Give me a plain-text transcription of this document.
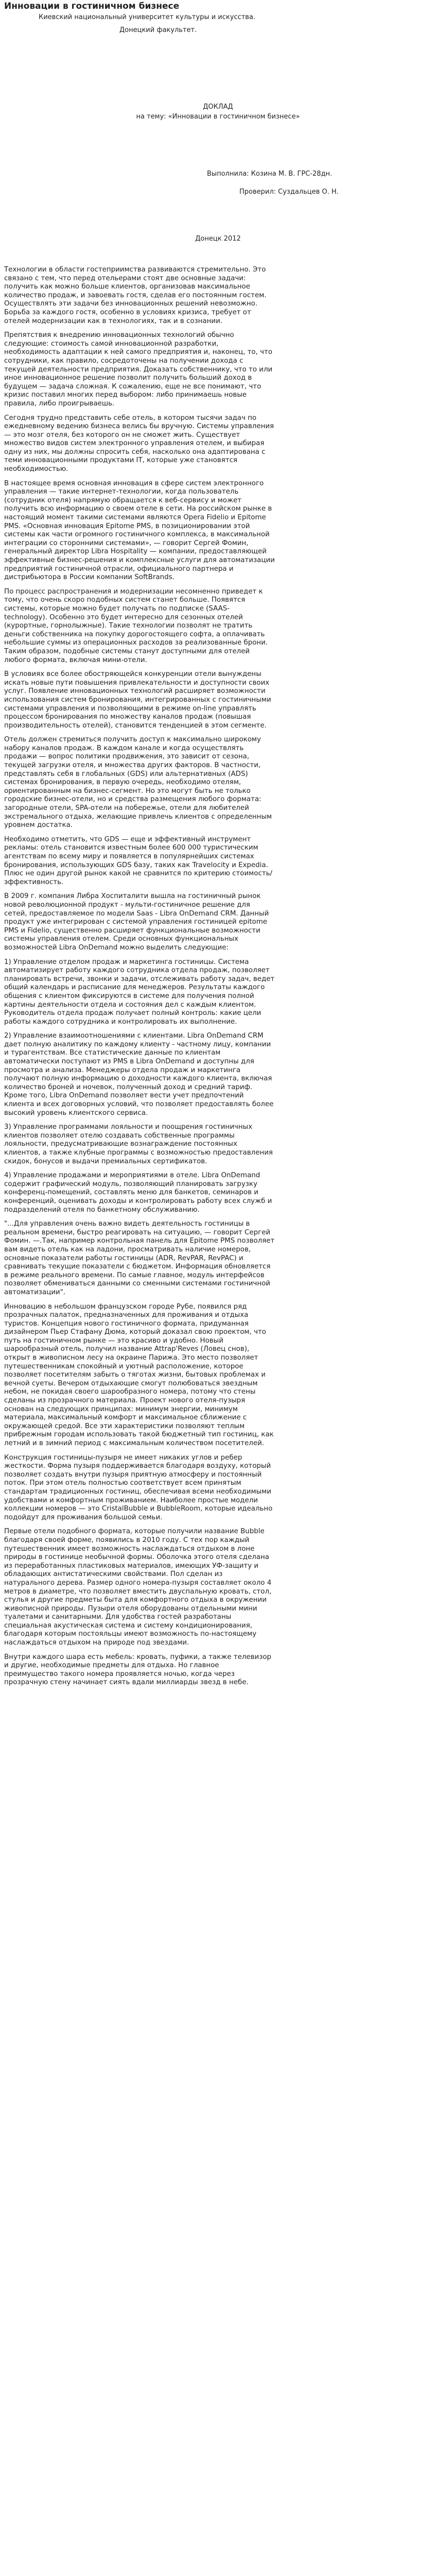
Инновации в гостиничном бизнесе
Киевский национальный университет культуры и искусства.
Донецкий факультет.
ДОКЛАД
на тему: «Инновации в гостиничном бизнесе»
Выполнила: Козина М. В. ГРС-28дн.
Проверил: Суздальцев О. Н.
Донецк 2012

Технологии в области гостеприимства развиваются стремительно. Это связано с тем, что перед отельерами стоят две основные задачи: получить как можно больше клиентов, организовав максимальное количество продаж, и завоевать гостя, сделав его постоянным гостем. Осуществлять эти задачи без инновационных решений невозможно. Борьба за каждого гостя, особенно в условиях кризиса, требует от отелей модернизации как в технологиях, так и в сознании.

Препятствия к внедрению инновационных технологий обычно следующие: стоимость самой инновационной разработки, необходимость адаптации к ней самого предприятия и, наконец, то, что сотрудники, как правило, сосредоточены на получении дохода с текущей деятельности предприятия. Доказать собственнику, что то или иное инновационное решение позволит получить больший доход в будущем — задача сложная. К сожалению, еще не все понимают, что кризис поставил многих перед выбором: либо принимаешь новые правила, либо проигрываешь.

Сегодня трудно представить себе отель, в котором тысячи задач по ежедневному ведению бизнеса велись бы вручную. Системы управления — это мозг отеля, без которого он не сможет жить. Существует множество видов систем электронного управления отелем, и выбирая одну из них, мы должны спросить себя, насколько она адаптирована с теми инновационными продуктами IT, которые уже становятся необходимостью.

В настоящее время основная инновация в сфере систем электронного управления — такие интернет-технологии, когда пользователь (сотрудник отеля) напрямую обращается к веб-сервису и может получить всю информацию о своем отеле в сети. На российском рынке в настоящий момент такими системами являются Opera Fidelio и Epitome PMS. «Основная инновация Epitome PMS, в позиционировании этой системы как части огромного гостиничного комплекса, в максимальной интеграции со сторонними системами», — говорит Сергей Фомин, генеральный директор Libra Hospitality — компании, предоставляющей эффективные бизнес-решения и комплексные услуги для автоматизации предприятий гостиничной отрасли, официального партнера и дистрибьютора в России компании SoftBrands.

По процесс распространения и модернизации несомненно приведет к тому, что очень скоро подобных систем станет больше. Появятся системы, которые можно будет получать по подписке (SAAS- technology). Особенно это будет интересно для сезонных отелей (курортные, горнолыжные). Такие технологии позволят не тратить деньги собственника на покупку дорогостоящего софта, а оплачивать небольшие суммы из операционных расходов за реализованные брони. Таким образом, подобные системы станут доступными для отелей любого формата, включая мини-отели.

В условиях все более обостряющейся конкуренции отели вынуждены искать новые пути повышения привлекательности и доступности своих услуг. Появление инновационных технологий расширяет возможности использования систем бронирования, интегрированных с гостиничными системами управления и позволяющими в режиме on-line управлять процессом бронирования по множеству каналов продаж (повышая производительность отелей), становится тенденцией в этом сегменте.

Отель должен стремиться получить доступ к максимально широкому набору каналов продаж. В каждом канале и когда осуществлять продажи — вопрос политики продвижения, это зависит от сезона, текущей загрузки отеля, и множества других факторов. В частности, представлять себя в глобальных (GDS) или альтернативных (ADS) системах бронирования, в первую очередь, необходимо отелям, ориентированным на бизнес-сегмент. Но это могут быть не только городские бизнес-отели, но и средства размещения любого формата: загородные отели, SPA-отели на побережье, отели для любителей экстремального отдыха, желающие привлечь клиентов с определенным уровнем достатка.

Необходимо отметить, что GDS — еще и эффективный инструмент рекламы: отель становится известным более 600 000 туристическим агентствам по всему миру и появляется в популярнейших системах бронирования, использующих GDS базу, таких как Travelocity и Expedia. Плюс не один другой рынок какой не сравнится по критерию стоимость/эффективность.

В 2009 г. компания Либра Хоспиталити вышла на гостиничный рынок новой революционной продукт - мульти-гостиничное решение для сетей, предоставляемое по модели Saas - Libra OnDemand CRM. Данный продукт уже интегрирован с системой управления гостиницей epitome PMS и Fidelio, существенно расширяет функциональные возможности системы управления отелем. Среди основных функциональных возможностей Libra OnDemand можно выделить следующие:

1) Управление отделом продаж и маркетинга гостиницы. Система автоматизирует работу каждого сотрудника отдела продаж, позволяет планировать встречи, звонки и задачи, отслеживать работу задач, ведет общий календарь и расписание для менеджеров. Результаты каждого общения с клиентом фиксируются в системе для получения полной картины деятельности отдела и состояния дел с каждым клиентом. Руководитель отдела продаж получает полный контроль: какие цели работы каждого сотрудника и контролировать их выполнение.

2) Управление взаимоотношениями с клиентами. Libra OnDemand CRM дает полную аналитику по каждому клиенту - частному лицу, компании и турагентствам. Все статистические данные по клиентам автоматически поступают из PMS в Libra OnDemand и доступны для просмотра и анализа. Менеджеры отдела продаж и маркетинга получают полную информацию о доходности каждого клиента, включая количество броней и ночевок, полученный доход и средний тариф. Кроме того, Libra OnDemand позволяет вести учет предпочтений клиента и всех договорных условий, что позволяет предоставлять более высокий уровень клиентского сервиса.

3) Управление программами лояльности и поощрения гостиничных клиентов позволяет отелю создавать собственные программы лояльности, предусматривающие вознаграждение постоянных клиентов, а также клубные программы с возможностью предоставления скидок, бонусов и выдачи премиальных сертификатов.

4) Управление продажами и мероприятиями в отеле. Libra OnDemand содержит графический модуль, позволяющий планировать загрузку конференц-помещений, составлять меню для банкетов, семинаров и конференций, оценивать доходы и контролировать работу всех служб и подразделений отеля по банкетному обслуживанию.

"...Для управления очень важно видеть деятельность гостиницы в реальном времени, быстро реагировать на ситуацию, — говорит Сергей Фомин. —.Так, например контрольная панель для Epitome PMS позволяет вам видеть отель как на ладони, просматривать наличие номеров, основные показатели работы гостиницы (ADR, RevPAR, RevPAC) и сравнивать текущие показатели с бюджетом. Информация обновляется в режиме реального времени. По самые главное, модуль интерфейсов позволяет обмениваться данными со сменными системами гостиничной автоматизации".

Инновацию в небольшом французском городе Рубе, появился ряд прозрачных палаток, предназначенных для проживания и отдыха туристов. Концепция нового гостиничного формата, придуманная дизайнером Пьер Стафану Дюма, который доказал свою проектом, что путь на гостиничном рынке — это красиво и удобно. Новый шарообразный отель, получил название Attrap'Reves (Ловец снов), открыт в живописном лесу на окраине Парижа. Это место позволяет путешественникам спокойный и уютный расположение, которое позволяет посетителям забыть о тяготах жизни, бытовых проблемах и вечной суеты. Вечером отдыхающие смогут полюбоваться звездным небом, не покидая своего шарообразного номера, потому что стены сделаны из прозрачного материала. Проект нового отеля-пузыря основан на следующих принципах: минимум энергии, минимум материала, максимальный комфорт и максимальное сближение с окружающей средой. Все эти характеристики позволяют теплым прибрежным городам использовать такой бюджетный тип гостиниц, как летний и в зимний период с максимальным количеством посетителей.

Конструкция гостиницы-пузыря не имеет никаких углов и ребер жесткости. Форма пузыря поддерживается благодаря воздуху, который позволяет создать внутри пузыря приятную атмосферу и постоянный поток. При этом отель полностью соответствует всем принятым стандартам традиционных гостиниц, обеспечивая всеми необходимыми удобствами и комфортным проживанием. Наиболее простые модели коллекции номеров — это CristalBubble и BubbleRoom, которые идеально подойдут для проживания большой семьи.

Первые отели подобного формата, которые получили название Bubble благодаря своей форме, появились в 2010 году. С тех пор каждый путешественник имеет возможность наслаждаться отдыхом в лоне природы в гостинице необычной формы. Оболочка этого отеля сделана из переработанных пластиковых материалов, имеющих УФ-защиту и обладающих антистатическими свойствами. Пол сделан из натурального дерева. Размер одного номера-пузыря составляет около 4 метров в диаметре, что позволяет вместить двуспальную кровать, стол, стулья и другие предметы быта для комфортного отдыха в окружении живописной природы. Пузыри отеля оборудованы отдельными мини туалетами и санитарными. Для удобства гостей разработаны специальная акустическая система и систему кондиционирования, благодаря которым постояльцы имеют возможность по-настоящему наслаждаться отдыхом на природе под звездами.

Внутри каждого шара есть мебель: кровать, пуфики, а также телевизор и другие, необходимые предметы для отдыха. Но главное преимущество такого номера проявляется ночью, когда через прозрачную стену начинает сиять вдали миллиарды звезд в небе.
